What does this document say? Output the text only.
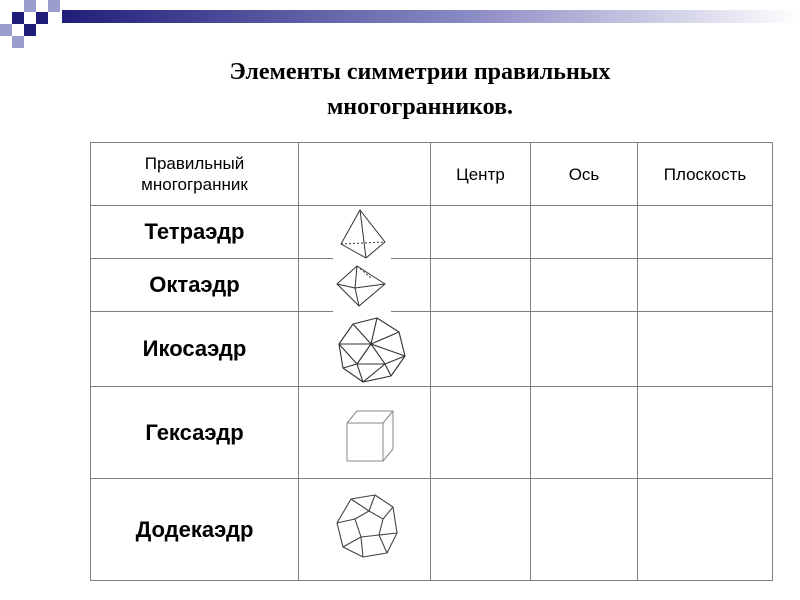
Элементы симметрии правильных
многогранников.
Правильный многогранник		Центр	Ось	Плоскость
Тетраэдр	

Октаэдр	

Икосаэдр	

Гексаэдр	

Додекаэдр	
